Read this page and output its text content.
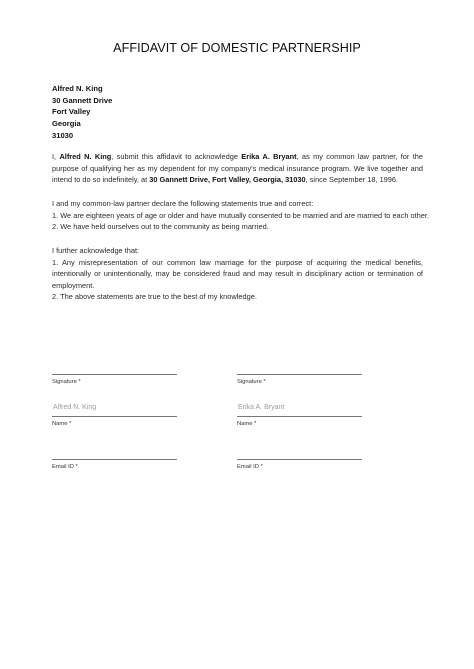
AFFIDAVIT OF DOMESTIC PARTNERSHIP
Alfred N. King
30 Gannett Drive
Fort Valley
Georgia
31030
I, Alfred N. King, submit this affidavit to acknowledge Erika A. Bryant, as my common law partner, for the purpose of qualifying her as my dependent for my company's medical insurance program. We live together and intend to do so indefinitely, at 30 Gannett Drive, Fort Valley, Georgia, 31030, since September 18, 1996.
I and my common-law partner declare the following statements true and correct:
1. We are eighteen years of age or older and have mutually consented to be married and are married to each other.
2. We have held ourselves out to the community as being married.
I further acknowledge that:
1. Any misrepresentation of our common law marriage for the purpose of acquiring the medical benefits, intentionally or unintentionally, may be considered fraud and may result in disciplinary action or termination of employment.
2. The above statements are true to the best of my knowledge.
Signature *
Alfred N. King
Name *
Email ID *
Signature *
Erika A. Bryant
Name *
Email ID *
